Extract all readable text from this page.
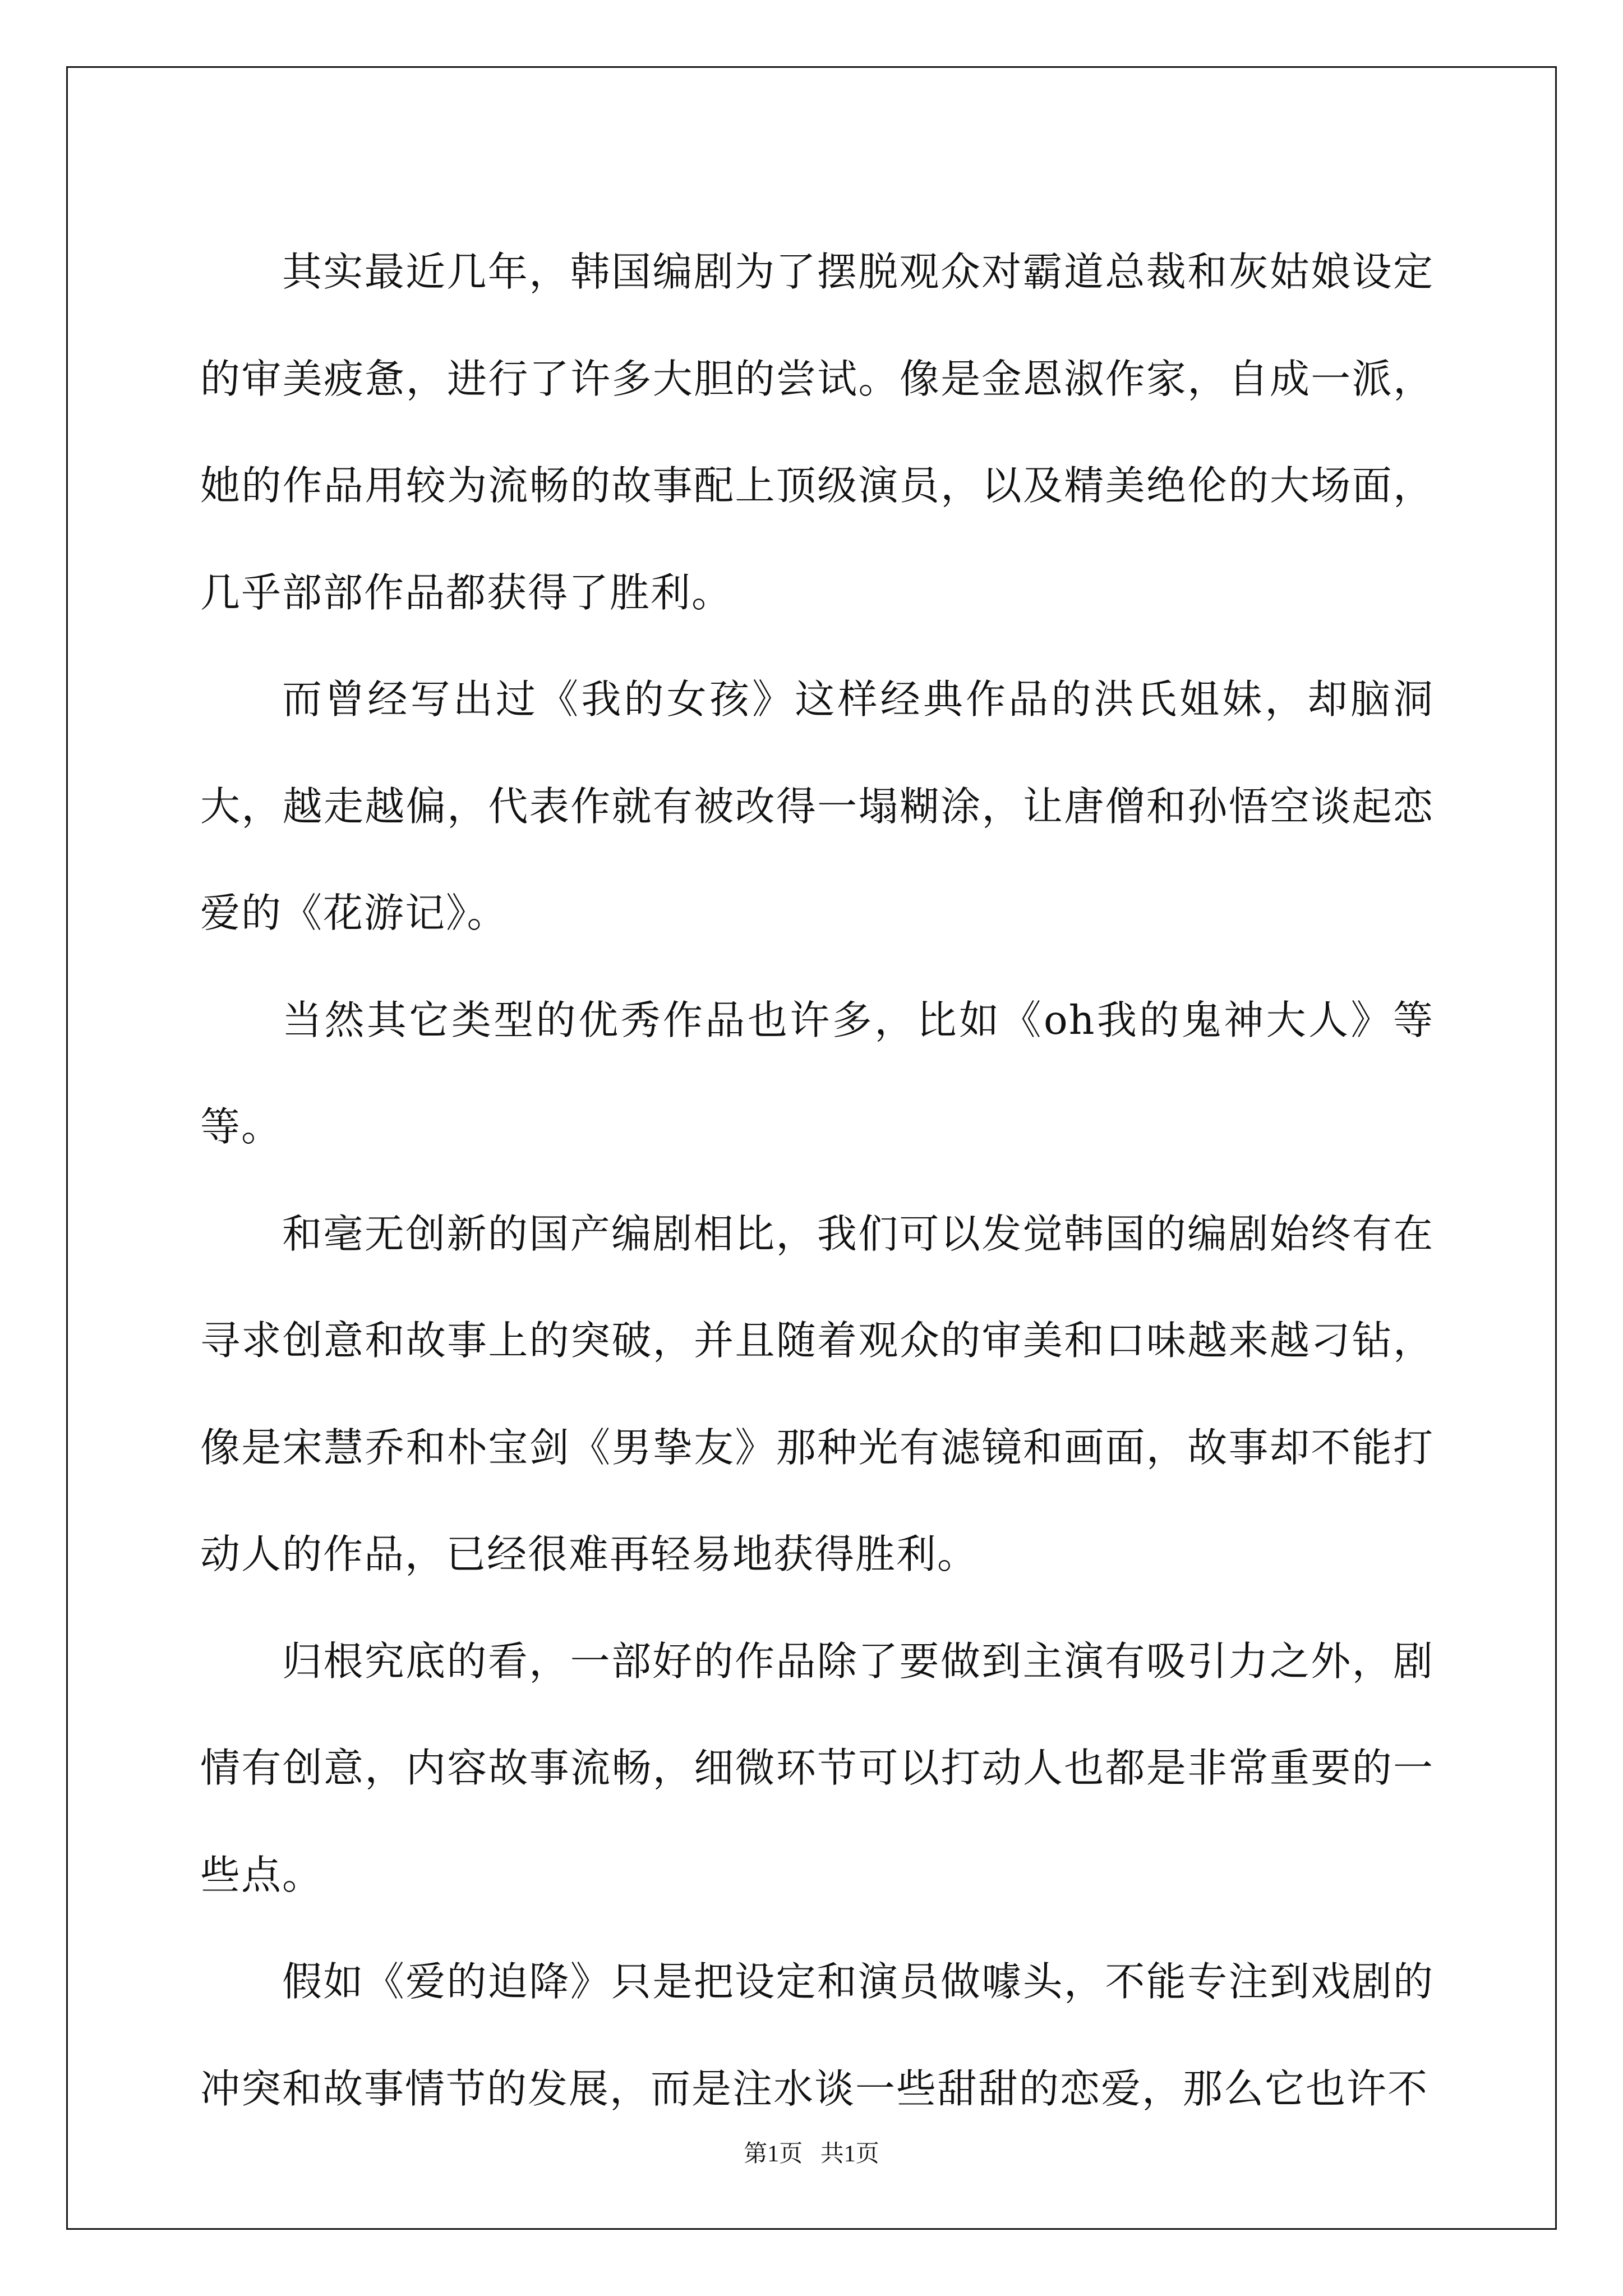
其实最近几年，韩国编剧为了摆脱观众对霸道总裁和灰姑娘设定的审美疲惫，进行了许多大胆的尝试。像是金恩淑作家，自成一派，她的作品用较为流畅的故事配上顶级演员，以及精美绝伦的大场面，几乎部部作品都获得了胜利。

而曾经写出过《我的女孩》这样经典作品的洪氏姐妹，却脑洞大，越走越偏，代表作就有被改得一塌糊涂，让唐僧和孙悟空谈起恋爱的《花游记》。

当然其它类型的优秀作品也许多，比如《oh我的鬼神大人》等等。

和毫无创新的国产编剧相比，我们可以发觉韩国的编剧始终有在寻求创意和故事上的突破，并且随着观众的审美和口味越来越刁钻，像是宋慧乔和朴宝剑《男挚友》那种光有滤镜和画面，故事却不能打动人的作品，已经很难再轻易地获得胜利。

归根究底的看，一部好的作品除了要做到主演有吸引力之外，剧情有创意，内容故事流畅，细微环节可以打动人也都是非常重要的一些点。

假如《爱的迫降》只是把设定和演员做噱头，不能专注到戏剧的冲突和故事情节的发展，而是注水谈一些甜甜的恋爱，那么它也许不

第1页 共1页
